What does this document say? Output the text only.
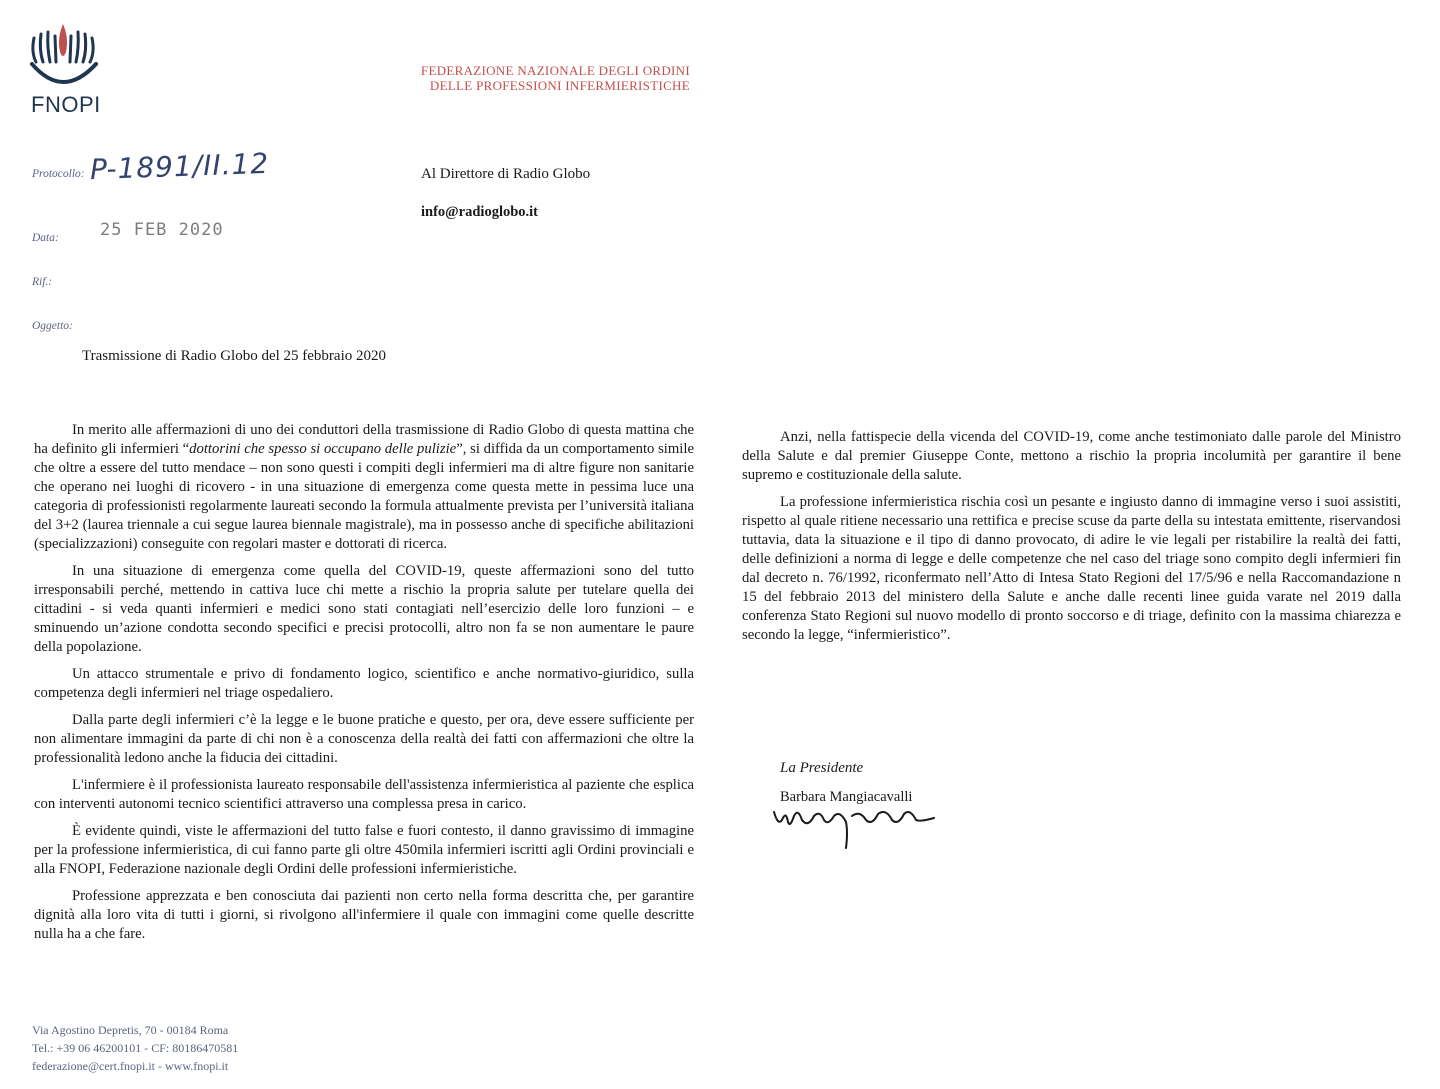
FNOPI
FEDERAZIONE NAZIONALE DEGLI ORDINI
DELLE PROFESSIONI INFERMIERISTICHE
Protocollo: P-1891/II.12
Data: 25 FEB 2020
Rif.:
Oggetto:
Al Direttore di Radio Globo
info@radioglobo.it
Trasmissione di Radio Globo del 25 febbraio 2020

In merito alle affermazioni di uno dei conduttori della trasmissione di Radio Globo di questa mattina che ha definito gli infermieri “dottorini che spesso si occupano delle pulizie”, si diffida da un comportamento simile che oltre a essere del tutto mendace – non sono questi i compiti degli infermieri ma di altre figure non sanitarie che operano nei luoghi di ricovero - in una situazione di emergenza come questa mette in pessima luce una categoria di professionisti regolarmente laureati secondo la formula attualmente prevista per l’università italiana del 3+2 (laurea triennale a cui segue laurea biennale magistrale), ma in possesso anche di specifiche abilitazioni (specializzazioni) conseguite con regolari master e dottorati di ricerca.

In una situazione di emergenza come quella del COVID-19, queste affermazioni sono del tutto irresponsabili perché, mettendo in cattiva luce chi mette a rischio la propria salute per tutelare quella dei cittadini - si veda quanti infermieri e medici sono stati contagiati nell’esercizio delle loro funzioni – e sminuendo un’azione condotta secondo specifici e precisi protocolli, altro non fa se non aumentare le paure della popolazione.

Un attacco strumentale e privo di fondamento logico, scientifico e anche normativo-giuridico, sulla competenza degli infermieri nel triage ospedaliero.

Dalla parte degli infermieri c’è la legge e le buone pratiche e questo, per ora, deve essere sufficiente per non alimentare immagini da parte di chi non è a conoscenza della realtà dei fatti con affermazioni che oltre la professionalità ledono anche la fiducia dei cittadini.

L'infermiere è il professionista laureato responsabile dell'assistenza infermieristica al paziente che esplica con interventi autonomi tecnico scientifici attraverso una complessa presa in carico.

È evidente quindi, viste le affermazioni del tutto false e fuori contesto, il danno gravissimo di immagine per la professione infermieristica, di cui fanno parte gli oltre 450mila infermieri iscritti agli Ordini provinciali e alla FNOPI, Federazione nazionale degli Ordini delle professioni infermieristiche.

Professione apprezzata e ben conosciuta dai pazienti non certo nella forma descritta che, per garantire dignità alla loro vita di tutti i giorni, si rivolgono all'infermiere il quale con immagini come quelle descritte nulla ha a che fare.

Anzi, nella fattispecie della vicenda del COVID-19, come anche testimoniato dalle parole del Ministro della Salute e dal premier Giuseppe Conte, mettono a rischio la propria incolumità per garantire il bene supremo e costituzionale della salute.

La professione infermieristica rischia così un pesante e ingiusto danno di immagine verso i suoi assistiti, rispetto al quale ritiene necessario una rettifica e precise scuse da parte della su intestata emittente, riservandosi tuttavia, data la situazione e il tipo di danno provocato, di adire le vie legali per ristabilire la realtà dei fatti, delle definizioni a norma di legge e delle competenze che nel caso del triage sono compito degli infermieri fin dal decreto n. 76/1992, riconfermato nell’Atto di Intesa Stato Regioni del 17/5/96 e nella Raccomandazione n 15 del febbraio 2013 del ministero della Salute e anche dalle recenti linee guida varate nel 2019 dalla conferenza Stato Regioni sul nuovo modello di pronto soccorso e di triage, definito con la massima chiarezza e secondo la legge, “infermieristico”.

La Presidente
Barbara Mangiacavalli
Via Agostino Depretis, 70 - 00184 Roma
Tel.: +39 06 46200101 - CF: 80186470581
federazione@cert.fnopi.it - www.fnopi.it
